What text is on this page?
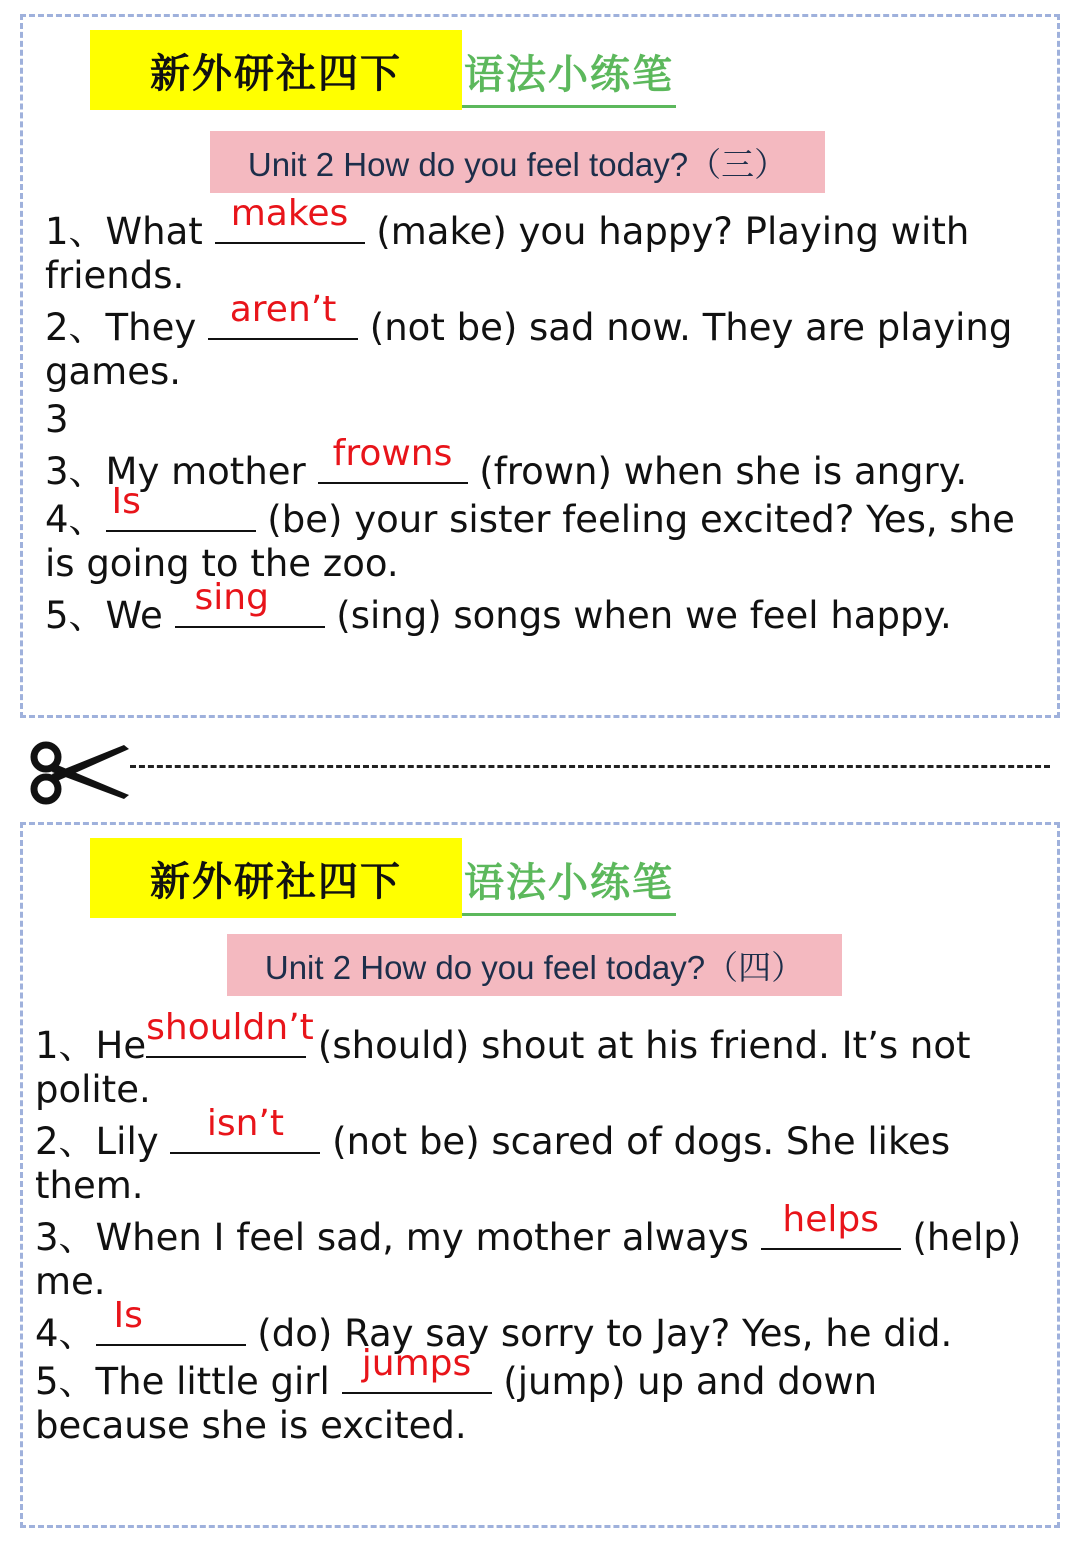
新外研社四下	语法小练笔
Unit 2 How do you feel today?（三）
1、What makes (make) you happy? Playing with
friends.
2、They aren’t (not be) sad now. They are playing
games.
3
3、My mother frowns (frown) when she is angry.
4、 Is	(be) your sister feeling excited? Yes, she
is going to the zoo.
5、We sing	(sing) songs when we feel happy.
新外研社四下	语法小练笔
Unit 2 How do you feel today?（四）
1、He shouldn’t
(should) shout at his friend. It’s not
polite.
2、Lily	isn’t (not be) scared of dogs. She likes
them.
3、When I feel sad, my mother always helps (help)
me.
4、 Is	(do) Ray say sorry to Jay? Yes, he did.
5、The little girl jumps (jump) up and down
because she is excited.
